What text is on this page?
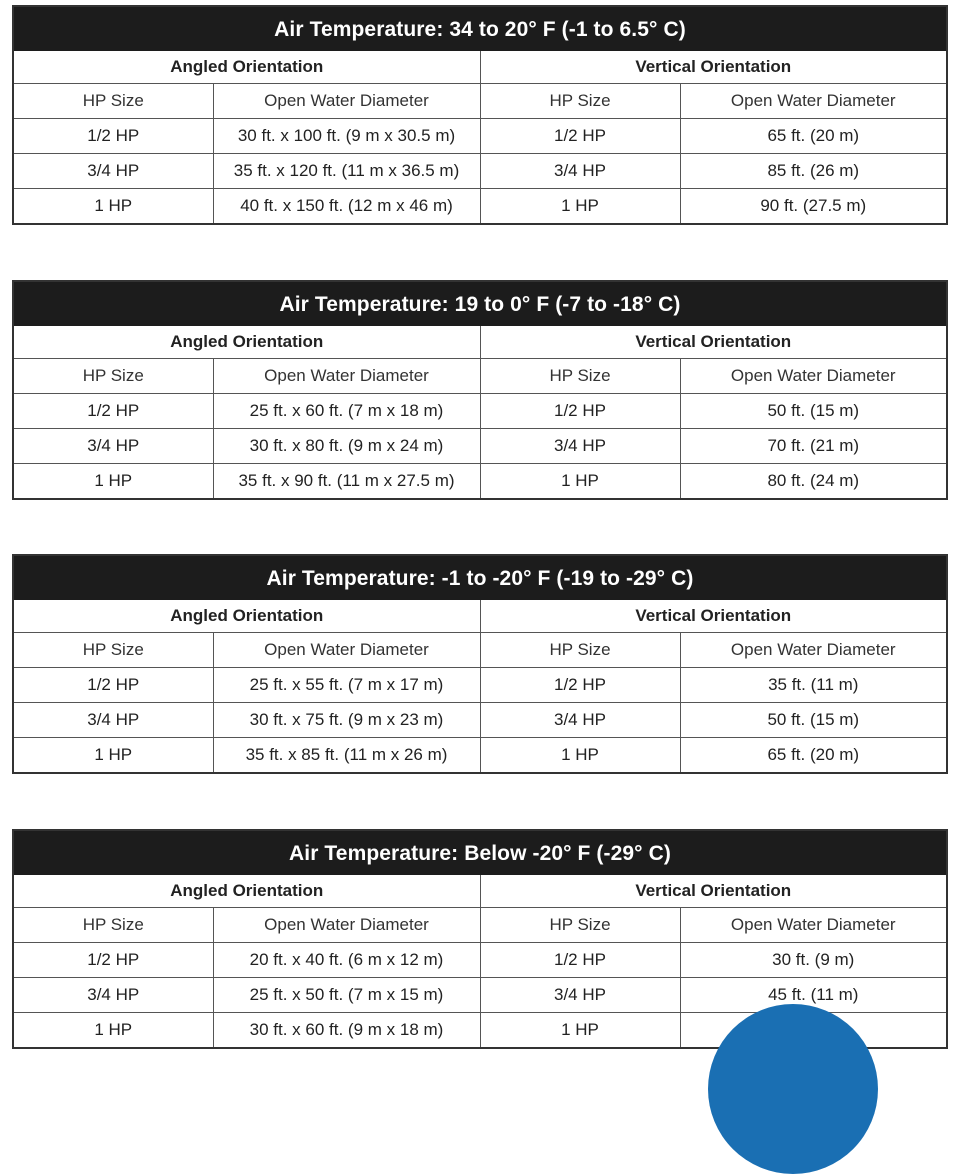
Air Temperature: 34 to 20° F (-1 to 6.5° C)
Angled Orientation		Vertical Orientation	
HP Size	Open Water Diameter	HP Size	Open Water Diameter
1/2 HP	30 ft. x 100 ft. (9 m x 30.5 m)	1/2 HP	65 ft. (20 m)
3/4 HP	35 ft. x 120 ft. (11 m x 36.5 m)	3/4 HP	85 ft. (26 m)
1 HP	40 ft. x 150 ft. (12 m x 46 m)	1 HP	90 ft. (27.5 m)
Air Temperature: 19 to 0° F (-7 to -18° C)
Angled Orientation		Vertical Orientation	
HP Size	Open Water Diameter	HP Size	Open Water Diameter
1/2 HP	25 ft. x 60 ft. (7 m x 18 m)	1/2 HP	50 ft. (15 m)
3/4 HP	30 ft. x 80 ft. (9 m x 24 m)	3/4 HP	70 ft. (21 m)
1 HP	35 ft. x 90 ft. (11 m x 27.5 m)	1 HP	80 ft. (24 m)
Air Temperature: -1 to -20° F (-19 to -29° C)
Angled Orientation		Vertical Orientation	
HP Size	Open Water Diameter	HP Size	Open Water Diameter
1/2 HP	25 ft. x 55 ft. (7 m x 17 m)	1/2 HP	35 ft. (11 m)
3/4 HP	30 ft. x 75 ft. (9 m x 23 m)	3/4 HP	50 ft. (15 m)
1 HP	35 ft. x 85 ft. (11 m x 26 m)	1 HP	65 ft. (20 m)
Air Temperature: Below -20° F (-29° C)
Angled Orientation		Vertical Orientation	
HP Size	Open Water Diameter	HP Size	Open Water Diameter
1/2 HP	20 ft. x 40 ft. (6 m x 12 m)	1/2 HP	30 ft. (9 m)
3/4 HP	25 ft. x 50 ft. (7 m x 15 m)	3/4 HP	45 ft. (11 m)
1 HP	30 ft. x 60 ft. (9 m x 18 m)	1 HP	
